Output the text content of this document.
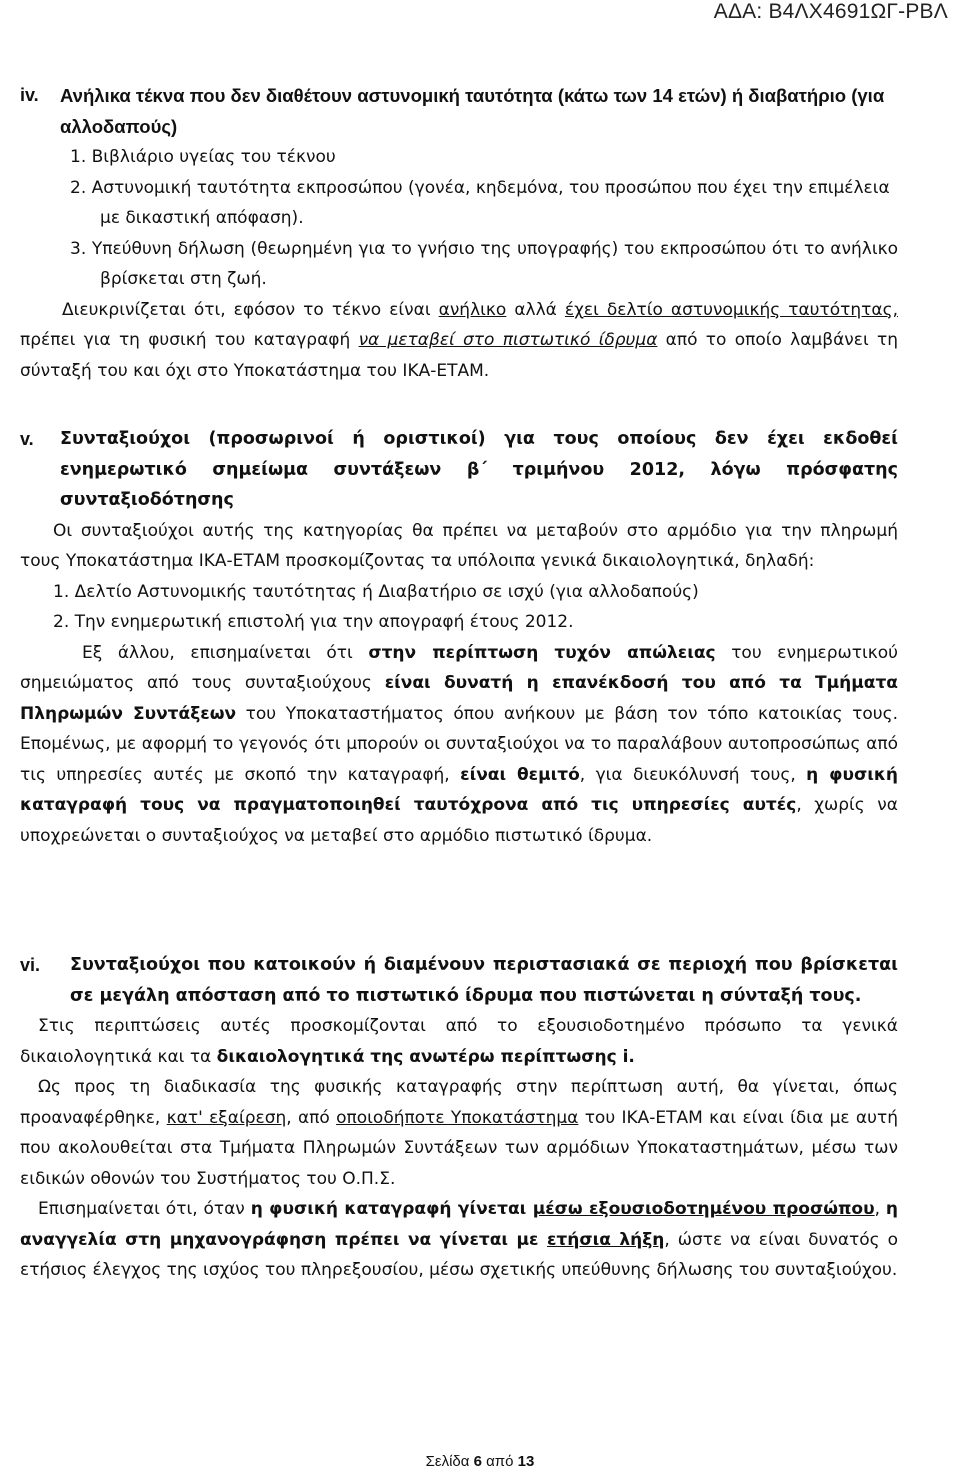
ΑΔΑ: Β4ΛΧ4691ΩΓ-ΡΒΛ
iv. Ανήλικα τέκνα που δεν διαθέτουν αστυνομική ταυτότητα (κάτω των 14 ετών) ή διαβατήριο (για αλλοδαπούς)

1. Βιβλιάριο υγείας του τέκνου

2. Αστυνομική ταυτότητα εκπροσώπου (γονέα, κηδεμόνα, του προσώπου που έχει την επιμέλεια με δικαστική απόφαση).

3. Υπεύθυνη δήλωση (θεωρημένη για το γνήσιο της υπογραφής) του εκπροσώπου ότι το ανήλικο βρίσκεται στη ζωή.

Διευκρινίζεται ότι, εφόσον το τέκνο είναι ανήλικο αλλά έχει δελτίο αστυνομικής ταυτότητας, πρέπει για τη φυσική του καταγραφή να μεταβεί στο πιστωτικό ίδρυμα από το οποίο λαμβάνει τη σύνταξή του και όχι στο Υποκατάστημα του ΙΚΑ-ΕΤΑΜ.

v. Συνταξιούχοι (προσωρινοί ή οριστικοί) για τους οποίους δεν έχει εκδοθεί ενημερωτικό σημείωμα συντάξεων β΄ τριμήνου 2012, λόγω πρόσφατης συνταξιοδότησης

Οι συνταξιούχοι αυτής της κατηγορίας θα πρέπει να μεταβούν στο αρμόδιο για την πληρωμή τους Υποκατάστημα ΙΚΑ-ΕΤΑΜ προσκομίζοντας τα υπόλοιπα γενικά δικαιολογητικά, δηλαδή:

1. Δελτίο Αστυνομικής ταυτότητας ή Διαβατήριο σε ισχύ (για αλλοδαπούς)

2. Την ενημερωτική επιστολή για την απογραφή έτους 2012.

Εξ άλλου, επισημαίνεται ότι στην περίπτωση τυχόν απώλειας του ενημερωτικού σημειώματος από τους συνταξιούχους είναι δυνατή η επανέκδοσή του από τα Τμήματα Πληρωμών Συντάξεων του Υποκαταστήματος όπου ανήκουν με βάση τον τόπο κατοικίας τους. Επομένως, με αφορμή το γεγονός ότι μπορούν οι συνταξιούχοι να το παραλάβουν αυτοπροσώπως από τις υπηρεσίες αυτές με σκοπό την καταγραφή, είναι θεμιτό, για διευκόλυνσή τους, η φυσική καταγραφή τους να πραγματοποιηθεί ταυτόχρονα από τις υπηρεσίες αυτές, χωρίς να υποχρεώνεται ο συνταξιούχος να μεταβεί στο αρμόδιο πιστωτικό ίδρυμα.

vi. Συνταξιούχοι που κατοικούν ή διαμένουν περιστασιακά σε περιοχή που βρίσκεται σε μεγάλη απόσταση από το πιστωτικό ίδρυμα που πιστώνεται η σύνταξή τους.

Στις περιπτώσεις αυτές προσκομίζονται από το εξουσιοδοτημένο πρόσωπο τα γενικά δικαιολογητικά και τα δικαιολογητικά της ανωτέρω περίπτωσης i.

Ως προς τη διαδικασία της φυσικής καταγραφής στην περίπτωση αυτή, θα γίνεται, όπως προαναφέρθηκε, κατ' εξαίρεση, από οποιοδήποτε Υποκατάστημα του ΙΚΑ-ΕΤΑΜ και είναι ίδια με αυτή που ακολουθείται στα Τμήματα Πληρωμών Συντάξεων των αρμόδιων Υποκαταστημάτων, μέσω των ειδικών οθονών του Συστήματος του Ο.Π.Σ.

Επισημαίνεται ότι, όταν η φυσική καταγραφή γίνεται μέσω εξουσιοδοτημένου προσώπου, η αναγγελία στη μηχανογράφηση πρέπει να γίνεται με ετήσια λήξη, ώστε να είναι δυνατός ο ετήσιος έλεγχος της ισχύος του πληρεξουσίου, μέσω σχετικής υπεύθυνης δήλωσης του συνταξιούχου.

Σελίδα 6 από 13
